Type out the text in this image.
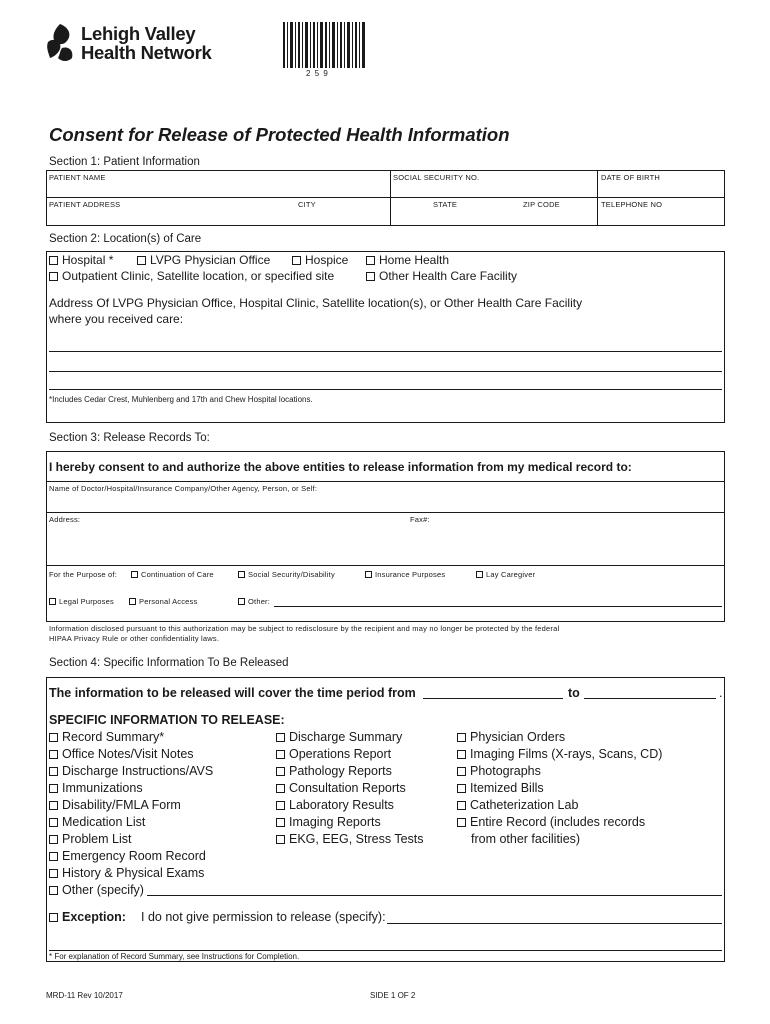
Lehigh Valley
Health Network
2 5 9
Consent for Release of Protected Health Information
Section 1: Patient Information
PATIENT NAME	SOCIAL SECURITY NO.	DATE OF BIRTH
PATIENT ADDRESS	CITY	STATE	ZIP CODE	TELEPHONE NO
Section 2: Location(s) of Care
Hospital *	LVPG Physician Office	Hospice	Home Health
Outpatient Clinic, Satellite location, or specified site	Other Health Care Facility
Address Of LVPG Physician Office, Hospital Clinic, Satellite location(s), or Other Health Care Facility
where you received care:
*Includes Cedar Crest, Muhlenberg and 17th and Chew Hospital locations.
Section 3: Release Records To:
I hereby consent to and authorize the above entities to release information from my medical record to:
Name of Doctor/Hospital/Insurance Company/Other Agency, Person, or Self:
Address:	Fax#:
For the Purpose of:	Continuation of Care	Social Security/Disability	Insurance Purposes	Lay Caregiver
Legal Purposes	Personal Access	Other:
Information disclosed pursuant to this authorization may be subject to redisclosure by the recipient and may no longer be protected by the federal
HIPAA Privacy Rule or other confidentiality laws.
Section 4: Specific Information To Be Released
The information to be released will cover the time period from	to	.
SPECIFIC INFORMATION TO RELEASE:
Record Summary*
Office Notes/Visit Notes
Discharge Instructions/AVS
Immunizations
Disability/FMLA Form
Medication List
Problem List
Emergency Room Record
History & Physical Exams
Other (specify)
Discharge Summary
Operations Report
Pathology Reports
Consultation Reports
Laboratory Results
Imaging Reports
EKG, EEG, Stress Tests
Physician Orders
Imaging Films (X-rays, Scans, CD)
Photographs
Itemized Bills
Catheterization Lab
Entire Record (includes records
from other facilities)
Exception: I do not give permission to release (specify):
* For explanation of Record Summary, see Instructions for Completion.
MRD-11 Rev 10/2017	SIDE 1 OF 2
